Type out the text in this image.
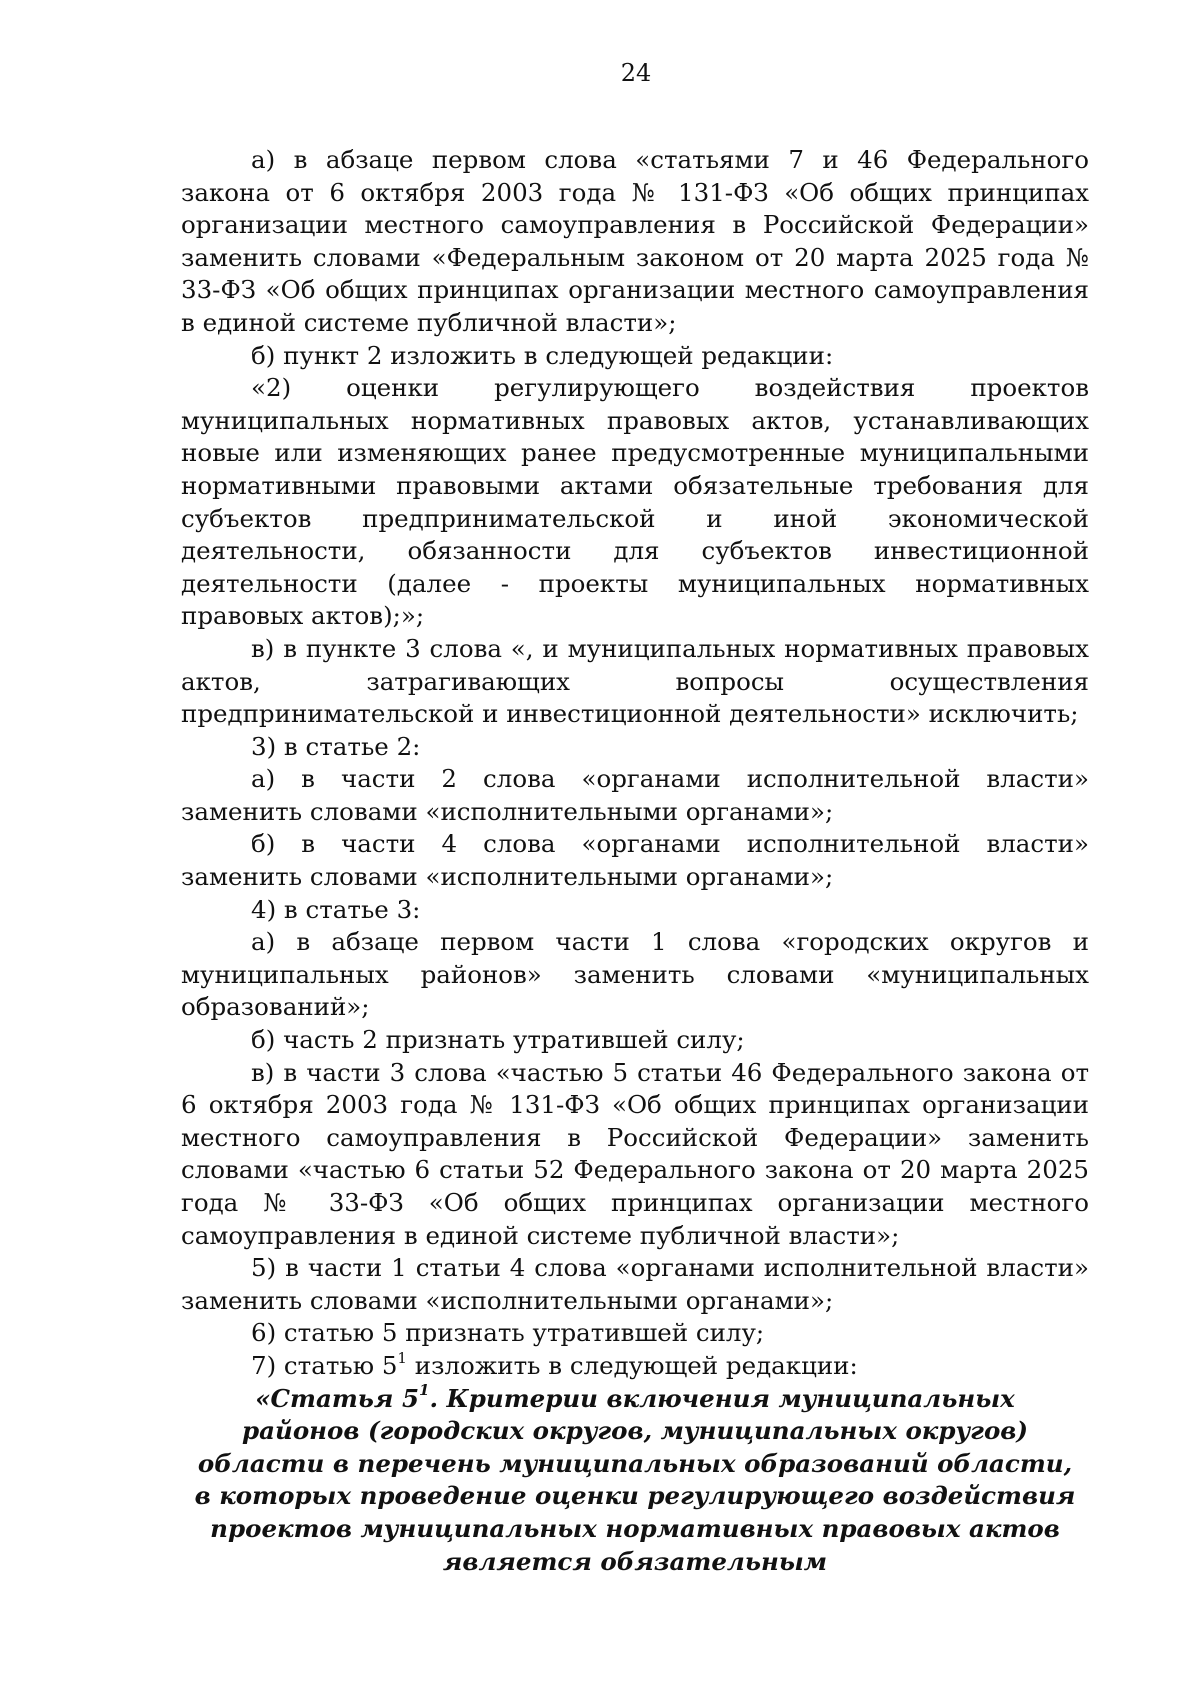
24

а) в абзаце первом слова «статьями 7 и 46 Федерального закона от 6 октября 2003 года № 131-ФЗ «Об общих принципах организации местного самоуправления в Российской Федерации» заменить словами «Федеральным законом от 20 марта 2025 года № 33-ФЗ «Об общих принципах организации местного самоуправления в единой системе публичной власти»;

б) пункт 2 изложить в следующей редакции:

«2) оценки регулирующего воздействия проектов муниципальных нормативных правовых актов, устанавливающих новые или изменяющих ранее предусмотренные муниципальными нормативными правовыми актами обязательные требования для субъектов предпринимательской и иной экономической деятельности, обязанности для субъектов инвестиционной деятельности (далее - проекты муниципальных нормативных правовых актов);»;

в) в пункте 3 слова «, и муниципальных нормативных правовых актов, затрагивающих вопросы осуществления предпринимательской и инвестиционной деятельности» исключить;

3) в статье 2:

а) в части 2 слова «органами исполнительной власти» заменить словами «исполнительными органами»;

б) в части 4 слова «органами исполнительной власти» заменить словами «исполнительными органами»;

4) в статье 3:

а) в абзаце первом части 1 слова «городских округов и муниципальных районов» заменить словами «муниципальных образований»;

б) часть 2 признать утратившей силу;

в) в части 3 слова «частью 5 статьи 46 Федерального закона от 6 октября 2003 года № 131-ФЗ «Об общих принципах организации местного самоуправления в Российской Федерации» заменить словами «частью 6 статьи 52 Федерального закона от 20 марта 2025 года № 33-ФЗ «Об общих принципах организации местного самоуправления в единой системе публичной власти»;

5) в части 1 статьи 4 слова «органами исполнительной власти» заменить словами «исполнительными органами»;

6) статью 5 признать утратившей силу;

7) статью $5^1$ изложить в следующей редакции:

«Статья $5^1$. Критерии включения муниципальных районов (городских округов, муниципальных округов) области в перечень муниципальных образований области, в которых проведение оценки регулирующего воздействия проектов муниципальных нормативных правовых актов является обязательным
